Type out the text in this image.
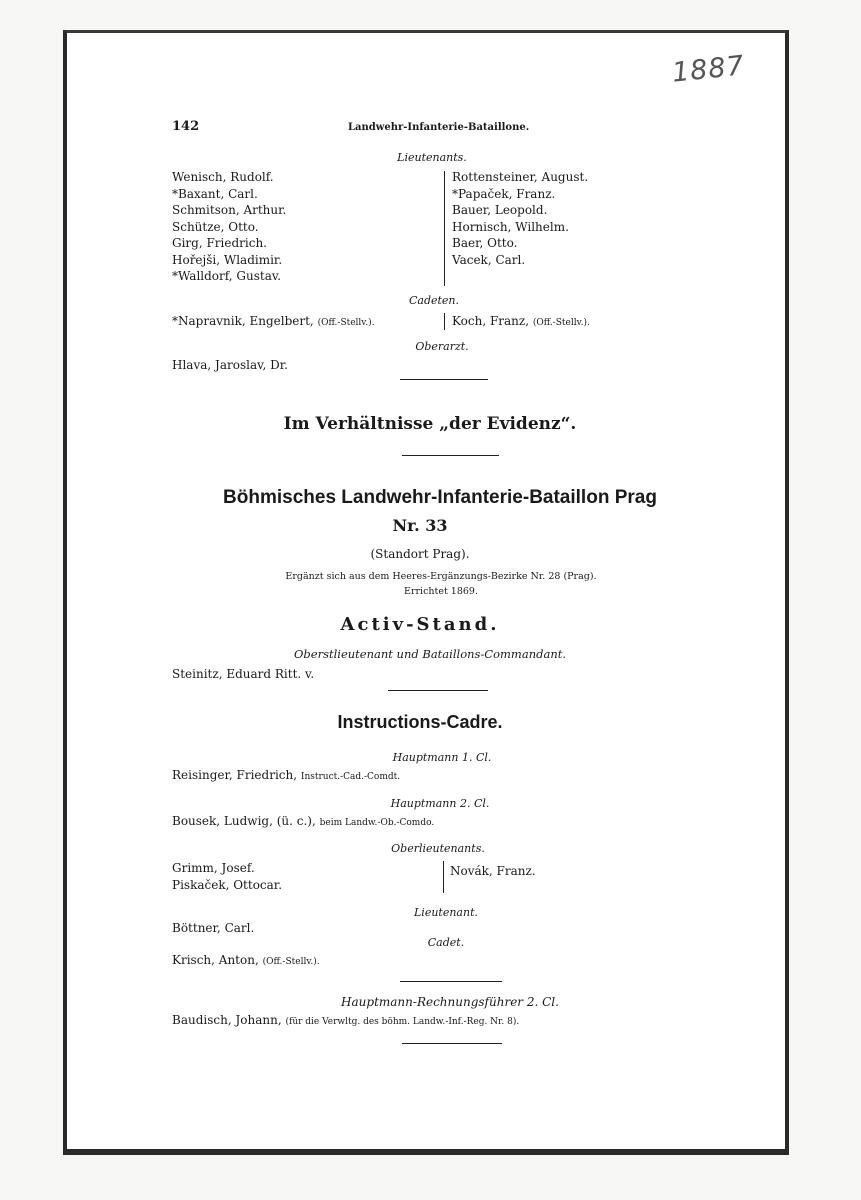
1887
142	Landwehr-Infanterie-Bataillone.
Lieutenants.
Wenisch, Rudolf.
*Baxant, Carl.
Schmitson, Arthur.
Schütze, Otto.
Girg, Friedrich.
Hořejši, Wladimir.
*Walldorf, Gustav.
Rottensteiner, August.
*Papaček, Franz.
Bauer, Leopold.
Hornisch, Wilhelm.
Baer, Otto.
Vacek, Carl.
Cadeten.
*Napravnik, Engelbert, (Off.-Stellv.).	Koch, Franz, (Off.-Stellv.).
Oberarzt.
Hlava, Jaroslav, Dr.
Im Verhältnisse „der Evidenz“.
Böhmisches Landwehr-Infanterie-Bataillon Prag
Nr. 33
(Standort Prag).
Ergänzt sich aus dem Heeres-Ergänzungs-Bezirke Nr. 28 (Prag).
Errichtet 1869.
Activ-Stand.
Oberstlieutenant und Bataillons-Commandant.
Steinitz, Eduard Ritt. v.
Instructions-Cadre.
Hauptmann 1. Cl.
Reisinger, Friedrich, Instruct.-Cad.-Comdt.
Hauptmann 2. Cl.
Bousek, Ludwig, (ü. c.), beim Landw.-Ob.-Comdo.
Oberlieutenants.
Grimm, Josef.
Piskaček, Ottocar.
Novák, Franz.
Lieutenant.
Böttner, Carl.
Cadet.
Krisch, Anton, (Off.-Stellv.).
Hauptmann-Rechnungsführer 2. Cl.
Baudisch, Johann, (für die Verwltg. des böhm. Landw.-Inf.-Reg. Nr. 8).
